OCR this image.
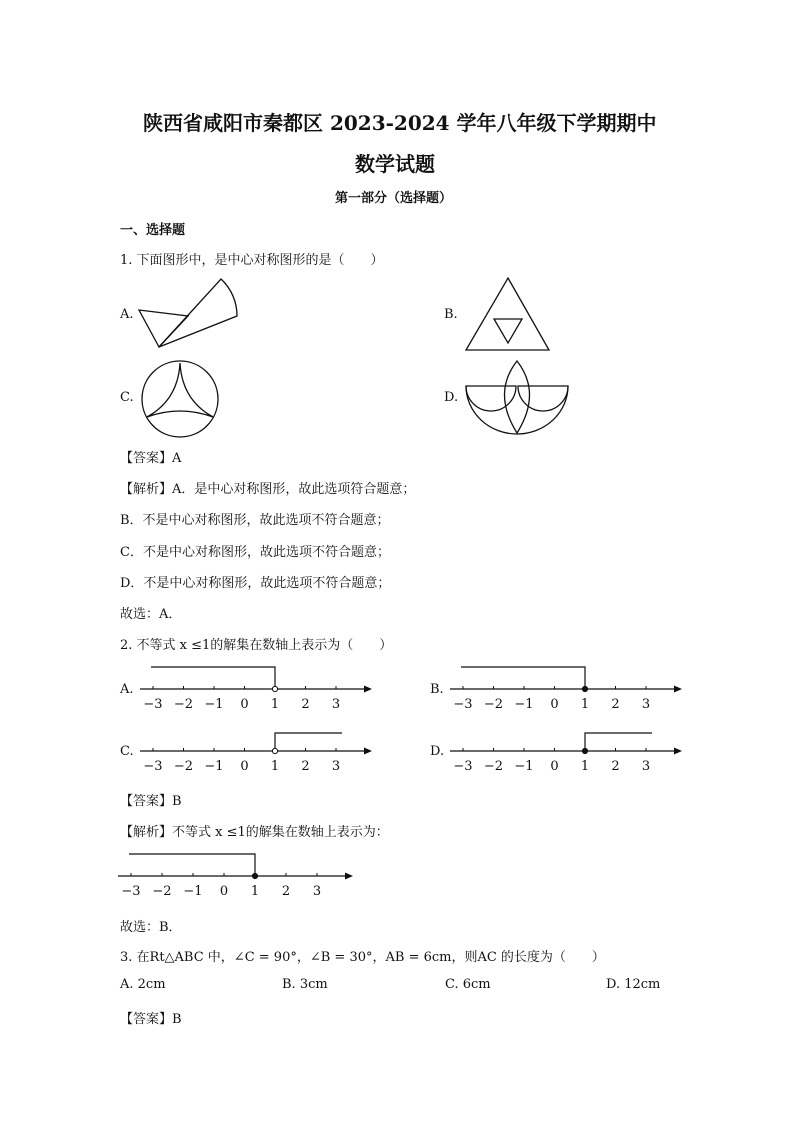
陕西省咸阳市秦都区 2023-2024 学年八年级下学期期中
数学试题
第一部分（选择题）
一、选择题
1. 下面图形中，是中心对称图形的是（　　）
A.	B.
C.	D.
【答案】A
【解析】A．是中心对称图形，故此选项符合题意；
B．不是中心对称图形，故此选项不符合题意；
C．不是中心对称图形，故此选项不符合题意；
D．不是中心对称图形，故此选项不符合题意；
故选：A．
2. 不等式 x ≤1的解集在数轴上表示为（　　）
A.
−3 −2 −1 0 1 2 3
B.
−3 −2 −1 0 1 2 3
C.
−3 −2 −1 0 1 2 3
D.
−3 −2 −1 0 1 2 3
【答案】B
【解析】不等式 x ≤1的解集在数轴上表示为：
−3 −2 −1 0 1 2 3
故选：B．
3. 在Rt△ABC 中，∠C = 90°，∠B = 30°，AB = 6cm，则AC 的长度为（　　）
A. 2cm	B. 3cm	C. 6cm	D. 12cm
【答案】B
